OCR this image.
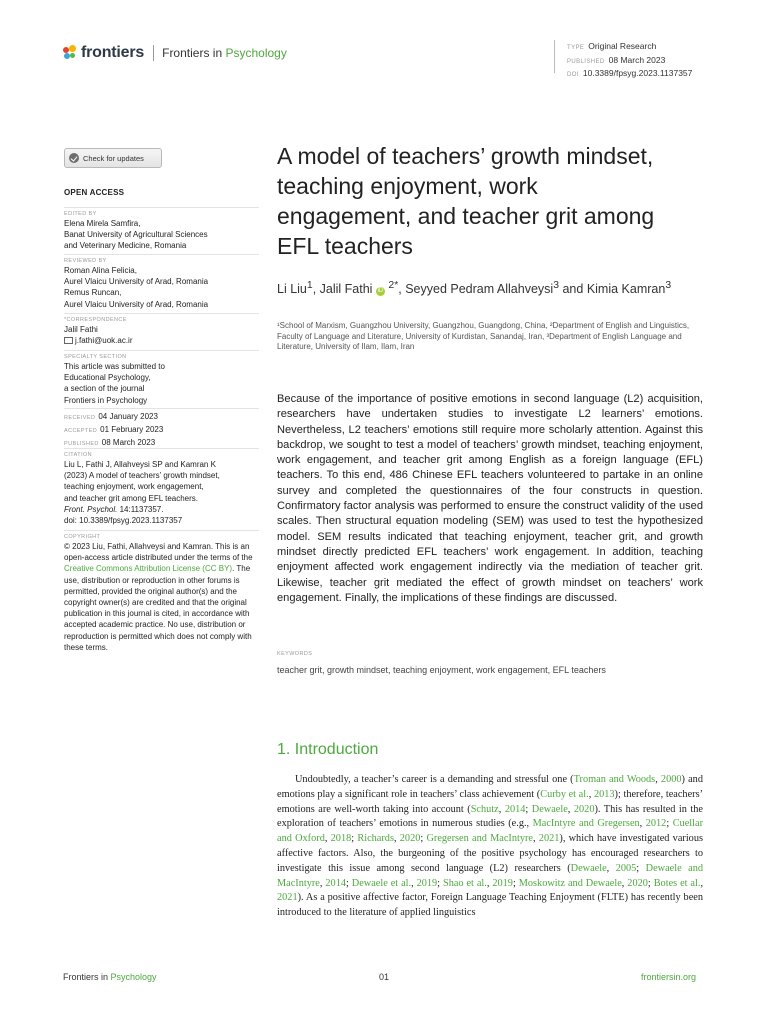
frontiers Frontiers in Psychology	TYPE Original Research
PUBLISHED 08 March 2023
DOI 10.3389/fpsyg.2023.1137357
Check for updates
OPEN ACCESS
EDITED BY
Elena Mirela Samfira,
Banat University of Agricultural Sciences
and Veterinary Medicine, Romania
REVIEWED BY
Roman Alina Felicia,
Aurel Vlaicu University of Arad, Romania
Remus Runcan,
Aurel Vlaicu University of Arad, Romania
*CORRESPONDENCE
Jalil Fathi
j.fathi@uok.ac.ir
SPECIALTY SECTION
This article was submitted to
Educational Psychology,
a section of the journal
Frontiers in Psychology
RECEIVED 04 January 2023
ACCEPTED 01 February 2023
PUBLISHED 08 March 2023
CITATION
Liu L, Fathi J, Allahveysi SP and Kamran K
(2023) A model of teachers’ growth mindset,
teaching enjoyment, work engagement,
and teacher grit among EFL teachers.
Front. Psychol. 14:1137357.
doi: 10.3389/fpsyg.2023.1137357
COPYRIGHT
© 2023 Liu, Fathi, Allahveysi and Kamran. This is an open-access article distributed under the terms of the Creative Commons Attribution License (CC BY). The use, distribution or reproduction in other forums is permitted, provided the original author(s) and the copyright owner(s) are credited and that the original publication in this journal is cited, in accordance with accepted academic practice. No use, distribution or reproduction is permitted which does not comply with these terms.
A model of teachers’ growth mindset, teaching enjoyment, work engagement, and teacher grit among EFL teachers
Li Liu$^1$, Jalil Fathi iD $^{2*}$, Seyyed Pedram Allahveysi$^3$ and Kimia Kamran$^3$
¹School of Marxism, Guangzhou University, Guangzhou, Guangdong, China, ²Department of English and Linguistics, Faculty of Language and Literature, University of Kurdistan, Sanandaj, Iran, ³Department of English Language and Literature, University of Ilam, Ilam, Iran
Because of the importance of positive emotions in second language (L2) acquisition, researchers have undertaken studies to investigate L2 learners’ emotions. Nevertheless, L2 teachers’ emotions still require more scholarly attention. Against this backdrop, we sought to test a model of teachers’ growth mindset, teaching enjoyment, work engagement, and teacher grit among English as a foreign language (EFL) teachers. To this end, 486 Chinese EFL teachers volunteered to partake in an online survey and completed the questionnaires of the four constructs in question. Confirmatory factor analysis was performed to ensure the construct validity of the used scales. Then structural equation modeling (SEM) was used to test the hypothesized model. SEM results indicated that teaching enjoyment, teacher grit, and growth mindset directly predicted EFL teachers’ work engagement. In addition, teaching enjoyment affected work engagement indirectly via the mediation of teacher grit. Likewise, teacher grit mediated the effect of growth mindset on teachers’ work engagement. Finally, the implications of these findings are discussed.
KEYWORDS
teacher grit, growth mindset, teaching enjoyment, work engagement, EFL teachers
1. Introduction
Undoubtedly, a teacher’s career is a demanding and stressful one (Troman and Woods, 2000) and emotions play a significant role in teachers’ class achievement (Curby et al., 2013); therefore, teachers’ emotions are well-worth taking into account (Schutz, 2014; Dewaele, 2020). This has resulted in the exploration of teachers’ emotions in numerous studies (e.g., MacIntyre and Gregersen, 2012; Cuellar and Oxford, 2018; Richards, 2020; Gregersen and MacIntyre, 2021), which have investigated various affective factors. Also, the burgeoning of the positive psychology has encouraged researchers to investigate this issue among second language (L2) researchers (Dewaele, 2005; Dewaele and MacIntyre, 2014; Dewaele et al., 2019; Shao et al., 2019; Moskowitz and Dewaele, 2020; Botes et al., 2021). As a positive affective factor, Foreign Language Teaching Enjoyment (FLTE) has recently been introduced to the literature of applied linguistics
Frontiers in Psychology	01	frontiersin.org
